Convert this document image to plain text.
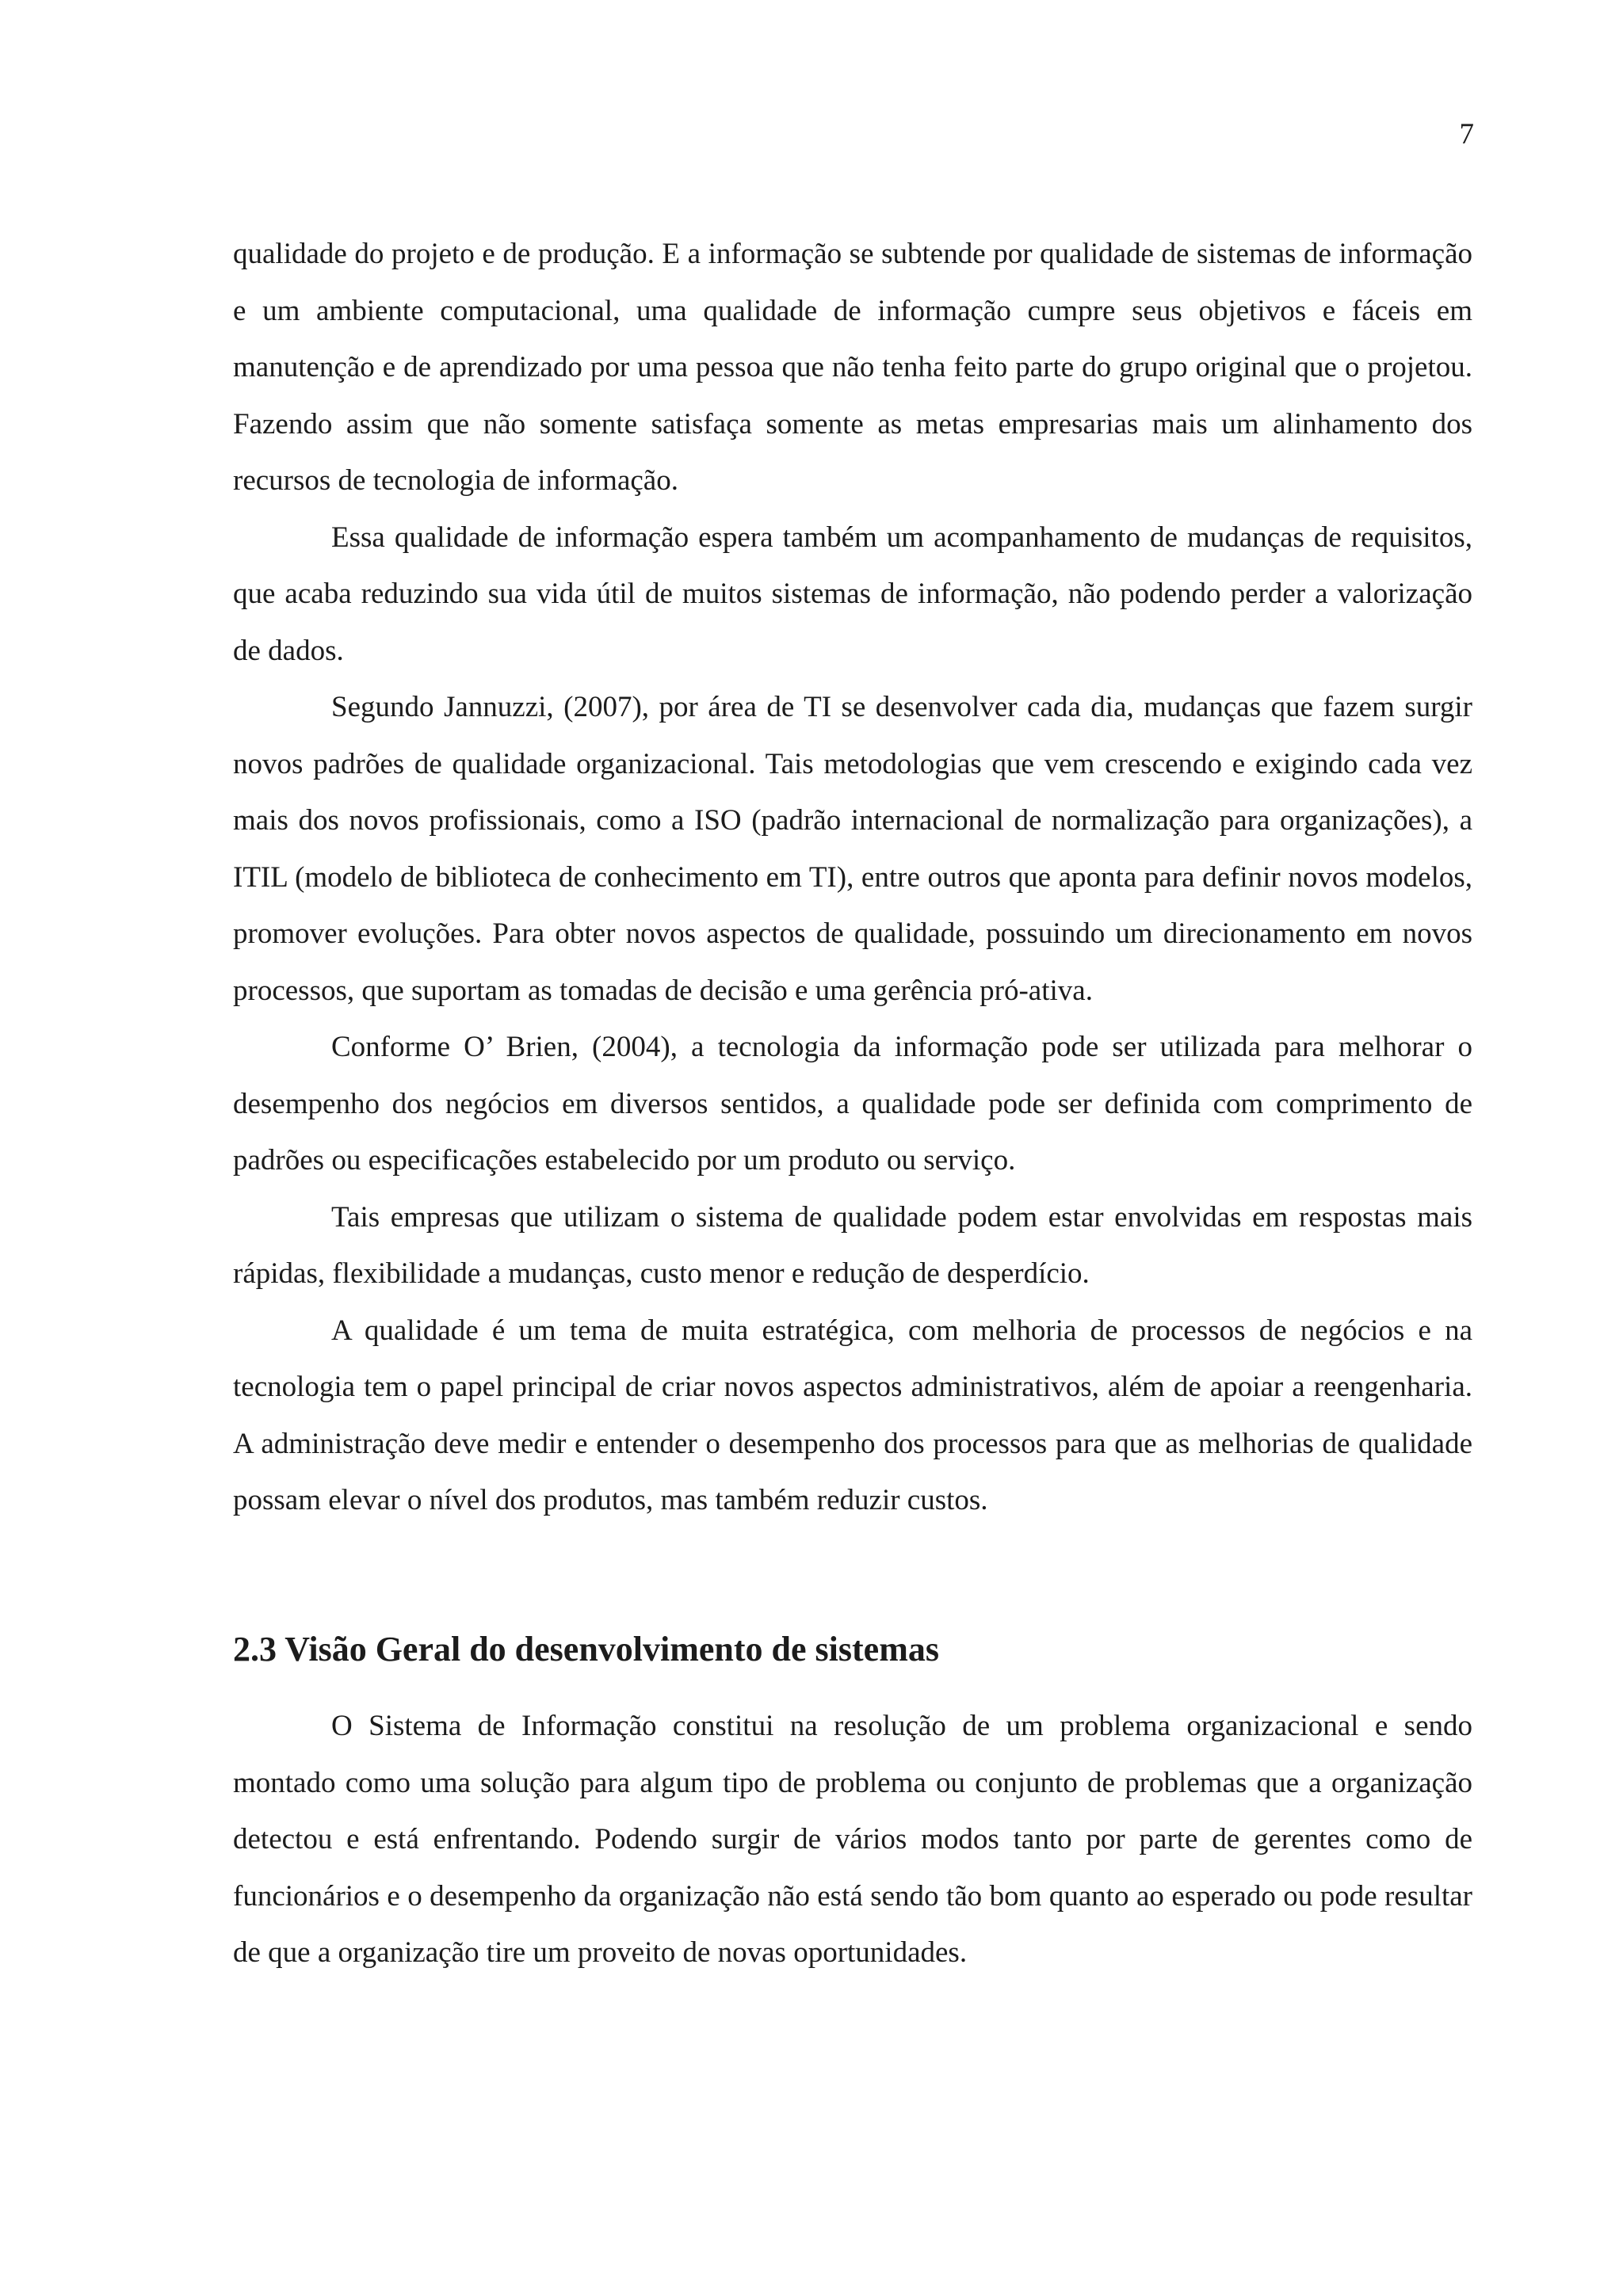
7

qualidade do projeto e de produção. E a informação se subtende por qualidade de sistemas de informação e um ambiente computacional, uma qualidade de informação cumpre seus objetivos e fáceis em manutenção e de aprendizado por uma pessoa que não tenha feito parte do grupo original que o projetou. Fazendo assim que não somente satisfaça somente as metas empresarias mais um alinhamento dos recursos de tecnologia de informação.

Essa qualidade de informação espera também um acompanhamento de mudanças de requisitos, que acaba reduzindo sua vida útil de muitos sistemas de informação, não podendo perder a valorização de dados.

Segundo Jannuzzi, (2007), por área de TI se desenvolver cada dia, mudanças que fazem surgir novos padrões de qualidade organizacional. Tais metodologias que vem crescendo e exigindo cada vez mais dos novos profissionais, como a ISO (padrão internacional de normalização para organizações), a ITIL (modelo de biblioteca de conhecimento em TI), entre outros que aponta para definir novos modelos, promover evoluções. Para obter novos aspectos de qualidade, possuindo um direcionamento em novos processos, que suportam as tomadas de decisão e uma gerência pró-ativa.

Conforme O’ Brien, (2004), a tecnologia da informação pode ser utilizada para melhorar o desempenho dos negócios em diversos sentidos, a qualidade pode ser definida com comprimento de padrões ou especificações estabelecido por um produto ou serviço.

Tais empresas que utilizam o sistema de qualidade podem estar envolvidas em respostas mais rápidas, flexibilidade a mudanças, custo menor e redução de desperdício.

A qualidade é um tema de muita estratégica, com melhoria de processos de negócios e na tecnologia tem o papel principal de criar novos aspectos administrativos, além de apoiar a reengenharia. A administração deve medir e entender o desempenho dos processos para que as melhorias de qualidade possam elevar o nível dos produtos, mas também reduzir custos.

2.3 Visão Geral do desenvolvimento de sistemas

O Sistema de Informação constitui na resolução de um problema organizacional e sendo montado como uma solução para algum tipo de problema ou conjunto de problemas que a organização detectou e está enfrentando. Podendo surgir de vários modos tanto por parte de gerentes como de funcionários e o desempenho da organização não está sendo tão bom quanto ao esperado ou pode resultar de que a organização tire um proveito de novas oportunidades.
